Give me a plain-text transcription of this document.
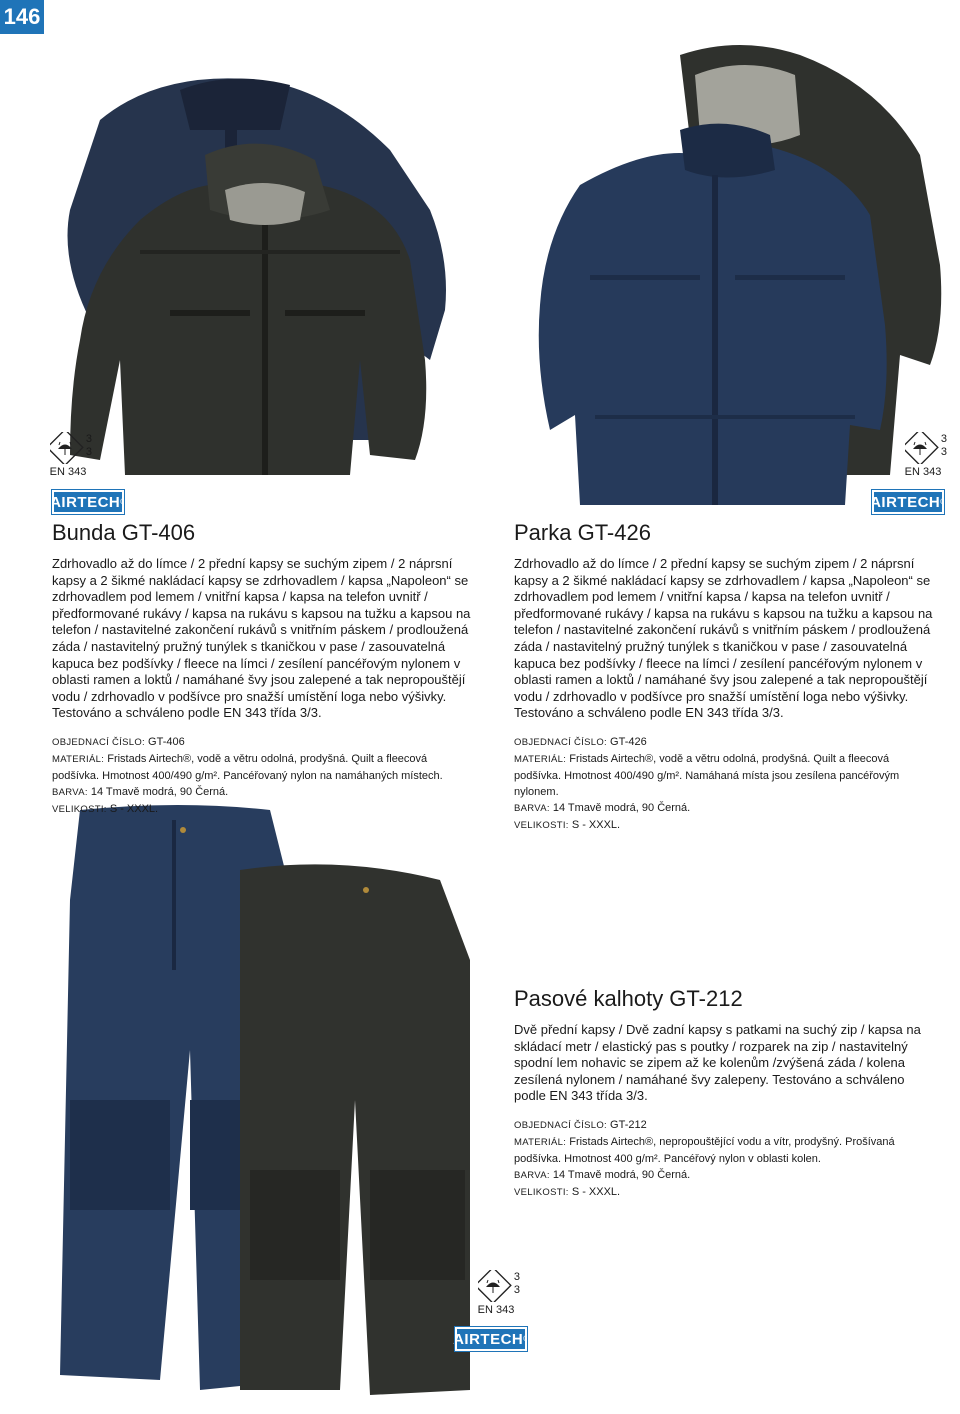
146
3
3
EN 343
3
3
EN 343
3
3
EN 343
AIRTECH ®	AIRTECH ®
AIRTECH ®
Bunda GT-406

Zdrhovadlo až do límce / 2 přední kapsy se suchým zipem / 2 náprsní kapsy a 2 šikmé nakládací kapsy se zdrhovadlem / kapsa „Napoleon“ se zdrhovadlem pod lemem / vnitřní kapsa / kapsa na telefon uvnitř / předformované rukávy / kapsa na rukávu s kapsou na tužku a kapsou na telefon / nastavitelné zakončení rukávů s vnitřním páskem / prodloužená záda / nastavitelný pružný tunýlek s tkaničkou v pase / zasouvatelná kapuca bez podšívky / fleece na límci / zesílení pancéřovým nylonem v oblasti ramen a loktů / namáhané švy jsou zalepené a tak nepropouštějí vodu / zdrhovadlo v podšívce pro snažší umístění loga nebo výšivky. Testováno a schváleno podle EN 343 třída 3/3.

OBJEDNACÍ ČÍSLO: GT-406
MATERIÁL: Fristads Airtech®, vodě a větru odolná, prodyšná. Quilt a fleecová podšívka. Hmotnost 400/490 g/m². Pancéřovaný nylon na namáhaných místech.
BARVA: 14 Tmavě modrá, 90 Černá.
VELIKOSTI: S - XXXL.
Parka GT-426

Zdrhovadlo až do límce / 2 přední kapsy se suchým zipem / 2 náprsní kapsy a 2 šikmé nakládací kapsy se zdrhovadlem / kapsa „Napoleon“ se zdrhovadlem pod lemem / vnitřní kapsa / kapsa na telefon uvnitř / předformované rukávy / kapsa na rukávu s kapsou na tužku a kapsou na telefon / nastavitelné zakončení rukávů s vnitřním páskem / prodloužená záda / nastavitelný pružný tunýlek s tkaničkou v pase / zasouvatelná kapuca bez podšívky / fleece na límci / zesílení pancéřovým nylonem v oblasti ramen a loktů / namáhané švy jsou zalepené a tak nepropouštějí vodu / zdrhovadlo v podšívce pro snažší umístění loga nebo výšivky. Testováno a schváleno podle EN 343 třída 3/3.

OBJEDNACÍ ČÍSLO: GT-426
MATERIÁL: Fristads Airtech®, vodě a větru odolná, prodyšná. Quilt a fleecová podšívka. Hmotnost 400/490 g/m². Namáhaná místa jsou zesílena pancéřovým nylonem.
BARVA: 14 Tmavě modrá, 90 Černá.
VELIKOSTI: S - XXXL.
Pasové kalhoty GT-212

Dvě přední kapsy / Dvě zadní kapsy s patkami na suchý zip / kapsa na skládací metr / elastický pas s poutky / rozparek na zip / nastavitelný spodní lem nohavic se zipem až ke kolenům /zvýšená záda / kolena zesílená nylonem / namáhané švy zalepeny. Testováno a schváleno podle EN 343 třída 3/3.

OBJEDNACÍ ČÍSLO: GT-212
MATERIÁL: Fristads Airtech®, nepropouštějící vodu a vítr, prodyšný. Prošívaná podšívka. Hmotnost 400 g/m². Pancéřový nylon v oblasti kolen.
BARVA: 14 Tmavě modrá, 90 Černá.
VELIKOSTI: S - XXXL.
